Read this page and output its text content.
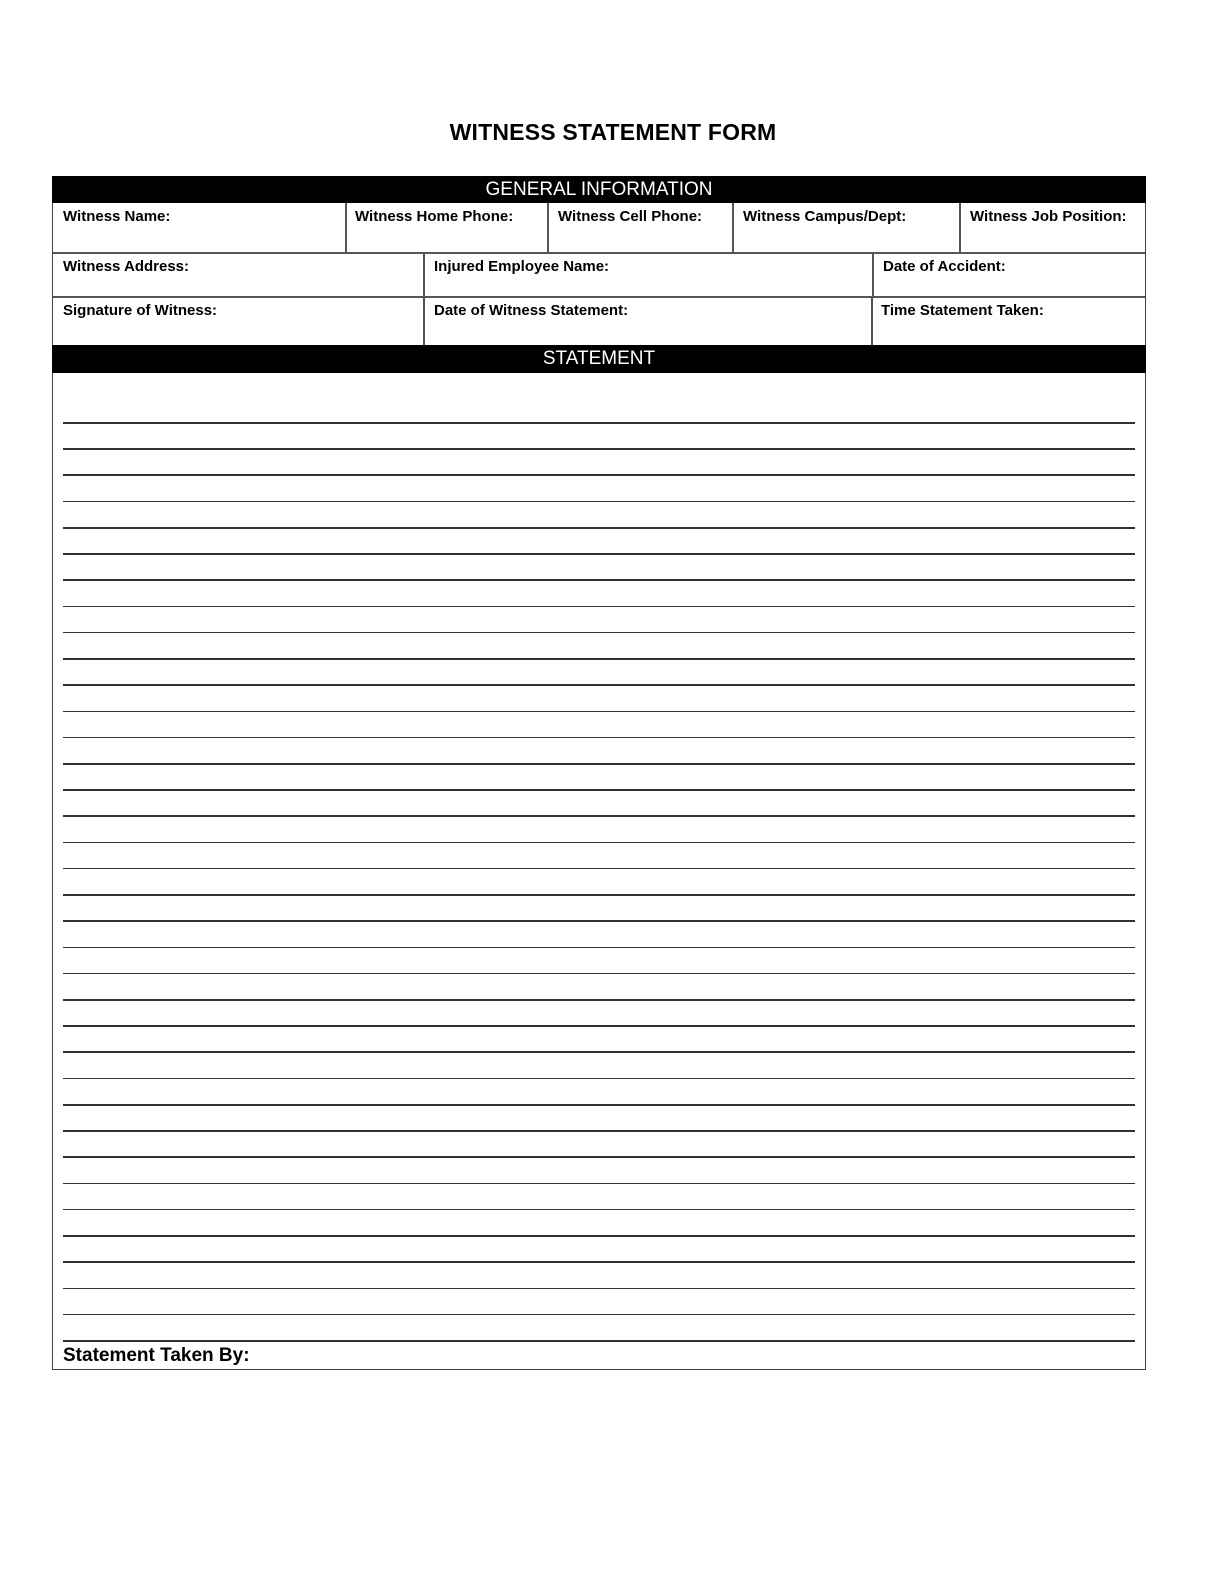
WITNESS STATEMENT FORM
GENERAL INFORMATION
Witness Name:	Witness Home Phone:	Witness Cell Phone:	Witness Campus/Dept:	Witness Job Position:
Witness Address:	Injured Employee Name:	Date of Accident:
Signature of Witness:	Date of Witness Statement:	Time Statement Taken:
STATEMENT
Statement Taken By:
